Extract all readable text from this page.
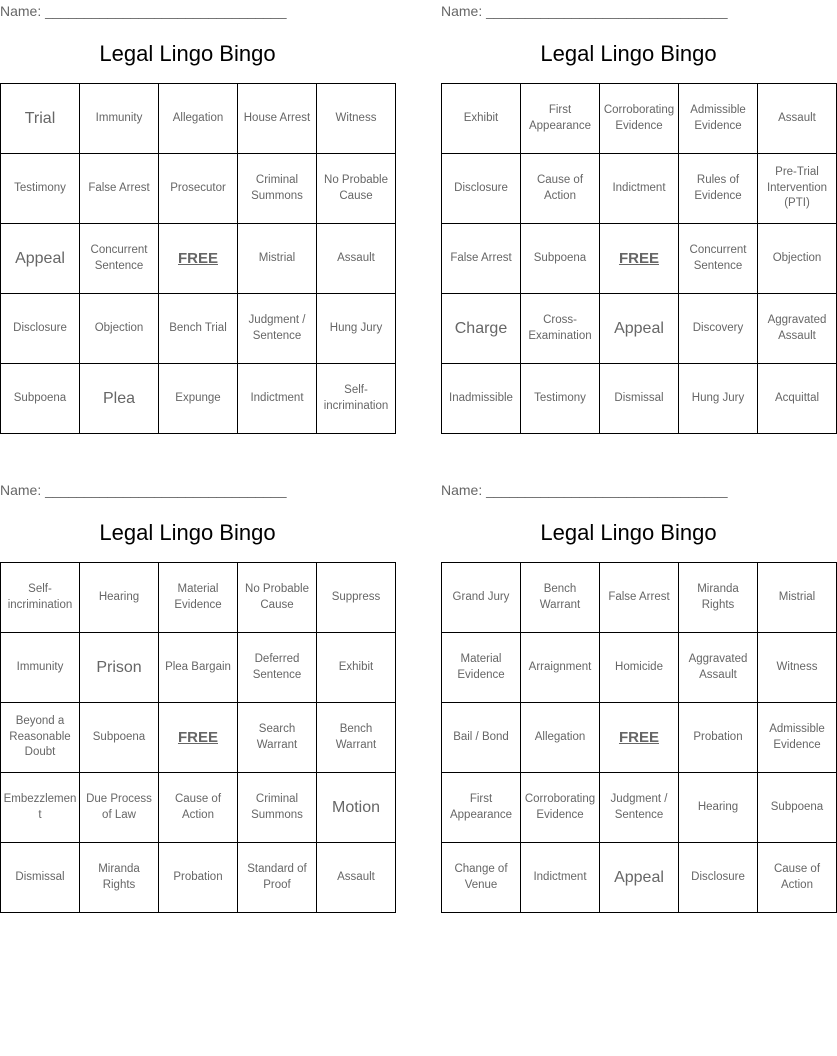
Name: _______________________________
Legal Lingo Bingo
Trial	Immunity	Allegation	House Arrest	Witness
Testimony	False Arrest	Prosecutor	Criminal Summons	No Probable Cause
Appeal	Concurrent Sentence	FREE	Mistrial	Assault
Disclosure	Objection	Bench Trial	Judgment / Sentence	Hung Jury
Subpoena	Plea	Expunge	Indictment	Self-incrimination
Name: _______________________________
Legal Lingo Bingo
Exhibit	First Appearance	Corroborating Evidence	Admissible Evidence	Assault
Disclosure	Cause of Action	Indictment	Rules of Evidence	Pre-Trial Intervention (PTI)
False Arrest	Subpoena	FREE	Concurrent Sentence	Objection
Charge	Cross-Examination	Appeal	Discovery	Aggravated Assault
Inadmissible	Testimony	Dismissal	Hung Jury	Acquittal
Name: _______________________________
Legal Lingo Bingo
Self-incrimination	Hearing	Material Evidence	No Probable Cause	Suppress
Immunity	Prison	Plea Bargain	Deferred Sentence	Exhibit
Beyond a Reasonable Doubt	Subpoena	FREE	Search Warrant	Bench Warrant
Embezzlement	Due Process of Law	Cause of Action	Criminal Summons	Motion
Dismissal	Miranda Rights	Probation	Standard of Proof	Assault
Name: _______________________________
Legal Lingo Bingo
Grand Jury	Bench Warrant	False Arrest	Miranda Rights	Mistrial
Material Evidence	Arraignment	Homicide	Aggravated Assault	Witness
Bail / Bond	Allegation	FREE	Probation	Admissible Evidence
First Appearance	Corroborating Evidence	Judgment / Sentence	Hearing	Subpoena
Change of Venue	Indictment	Appeal	Disclosure	Cause of Action
